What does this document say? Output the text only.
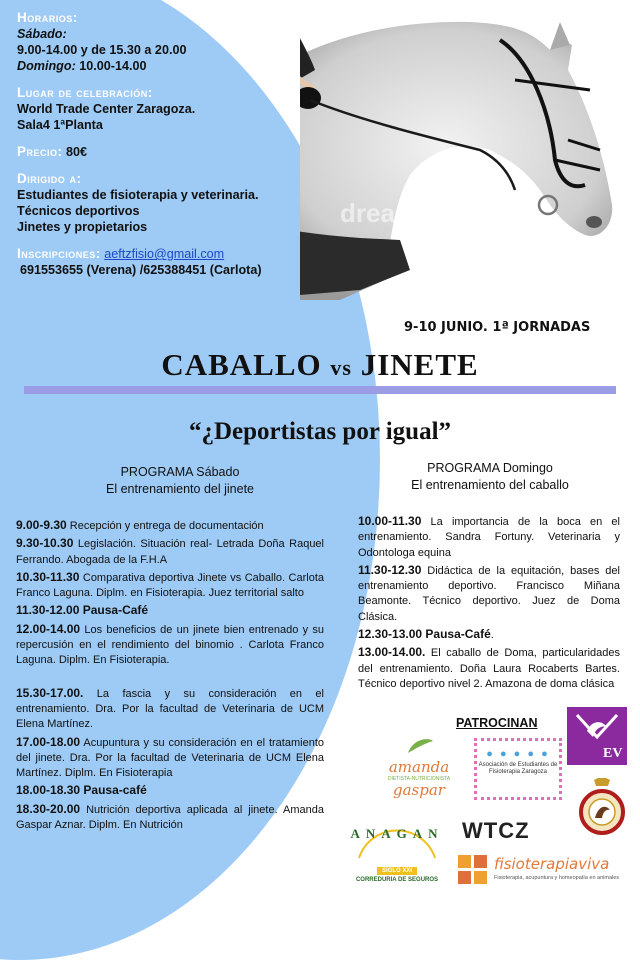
dreamstime
Horarios:
Sábado:
9.00-14.00 y de 15.30 a 20.00
Domingo: 10.00-14.00
Lugar de celebración:
World Trade Center Zaragoza.
Sala4 1ªPlanta
Precio: 80€
Dirigido a:
Estudiantes de fisioterapia y veterinaria.
Técnicos deportivos
Jinetes y propietarios
Inscripciones: aeftzfisio@gmail.com
691553655 (Verena) /625388451 (Carlota)
9-10 JUNIO. 1ª JORNADAS
CABALLO vs JINETE
“¿Deportistas por igual”
PROGRAMA Sábado
El entrenamiento del jinete
PROGRAMA Domingo
El entrenamiento del caballo
9.00-9.30 Recepción y entrega de documentación
9.30-10.30 Legislación. Situación real- Letrada Doña Raquel Ferrando. Abogada de la F.H.A
10.30-11.30 Comparativa deportiva Jinete vs Caballo. Carlota Franco Laguna. Diplm. en Fisioterapia. Juez territorial salto
11.30-12.00 Pausa-Café
12.00-14.00 Los beneficios de un jinete bien entrenado y su repercusión en el rendimiento del binomio . Carlota Franco Laguna. Diplm. En Fisioterapia.
15.30-17.00. La fascia y su consideración en el entrenamiento. Dra. Por la facultad de Veterinaria de UCM Elena Martínez.
17.00-18.00 Acupuntura y su consideración en el tratamiento del jinete. Dra. Por la facultad de Veterinaria de UCM Elena Martínez. Diplm. En Fisioterapia
18.00-18.30 Pausa-café
18.30-20.00 Nutrición deportiva aplicada al jinete. Amanda Gaspar Aznar. Diplm. En Nutrición
10.00-11.30 La importancia de la boca en el entrenamiento. Sandra Fortuny. Veterinaria y Odontologa equina
11.30-12.30 Didáctica de la equitación, bases del entrenamiento deportivo. Francisco Miñana Beamonte. Técnico deportivo. Juez de Doma Clásica.
12.30-13.00 Pausa-Café.
13.00-14.00. El caballo de Doma, particularidades del entrenamiento. Doña Laura Rocaberts Bartes. Técnico deportivo nivel 2. Amazona de doma clásica
PATROCINAN
EV
amanda
DIETISTA-NUTRICIONISTA
gaspar
● ● ● ● ●
Asociación de Estudiantes de Fisioterapia Zaragoza
ANAGAN
SIGLO XXI
CORREDURIA DE SEGUROS
WTCZ
fisioterapiaviva
Fisioterapia, acupuntura y homeopatía en animales
